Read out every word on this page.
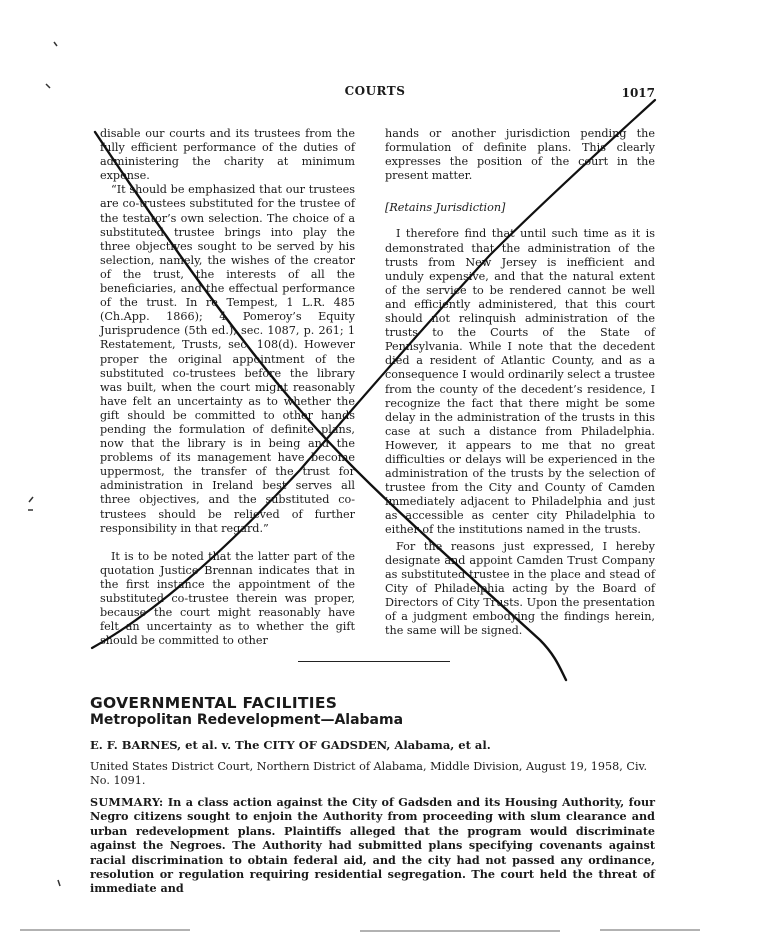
COURTS	1017

disable our courts and its trustees from the fully efficient performance of the duties of administering the charity at minimum expense.

“It should be emphasized that our trustees are co-trustees substituted for the trustee of the testator’s own selection. The choice of a substituted trustee brings into play the three objectives sought to be served by his selection, namely, the wishes of the creator of the trust, the interests of all the beneficiaries, and the effectual performance of the trust. In re Tempest, 1 L.R. 485 (Ch.App. 1866); 4 Pomeroy’s Equity Jurisprudence (5th ed.), sec. 1087, p. 261; 1 Restatement, Trusts, sec. 108(d). However proper the original appointment of the substituted co-trustees before the library was built, when the court might reasonably have felt an uncertainty as to whether the gift should be committed to other hands pending the formulation of definite plans, now that the library is in being and the problems of its management have become uppermost, the transfer of the trust for administration in Ireland best serves all three objectives, and the substituted co-trustees should be relieved of further responsibility in that regard.”

It is to be noted that the latter part of the quotation Justice Brennan indicates that in the first instance the appointment of the substituted co-trustee therein was proper, because the court might reasonably have felt an uncertainty as to whether the gift should be committed to other

hands or another jurisdiction pending the formulation of definite plans. This clearly expresses the position of the court in the present matter.

[Retains Jurisdiction]

I therefore find that until such time as it is demonstrated that the administration of the trusts from New Jersey is inefficient and unduly expensive, and that the natural extent of the service to be rendered cannot be well and efficiently administered, that this court should not relinquish administration of the trusts to the Courts of the State of Pennsylvania. While I note that the decedent died a resident of Atlantic County, and as a consequence I would ordinarily select a trustee from the county of the decedent’s residence, I recognize the fact that there might be some delay in the administration of the trusts in this case at such a distance from Philadelphia. However, it appears to me that no great difficulties or delays will be experienced in the administration of the trusts by the selection of trustee from the City and County of Camden immediately adjacent to Philadelphia and just as accessible as center city Philadelphia to either of the institutions named in the trusts.

For the reasons just expressed, I hereby designate and appoint Camden Trust Company as substituted trustee in the place and stead of City of Philadelphia acting by the Board of Directors of City Trusts. Upon the presentation of a judgment embodying the findings herein, the same will be signed.

GOVERNMENTAL FACILITIES
Metropolitan Redevelopment—Alabama
E. F. BARNES, et al. v. The CITY OF GADSDEN, Alabama, et al.
United States District Court, Northern District of Alabama, Middle Division, August 19, 1958, Civ. No. 1091.
SUMMARY: In a class action against the City of Gadsden and its Housing Authority, four Negro citizens sought to enjoin the Authority from proceeding with slum clearance and urban redevelopment plans. Plaintiffs alleged that the program would discriminate against the Negroes. The Authority had submitted plans specifying covenants against racial discrimination to obtain federal aid, and the city had not passed any ordinance, resolution or regulation requiring residential segregation. The court held the threat of immediate and
